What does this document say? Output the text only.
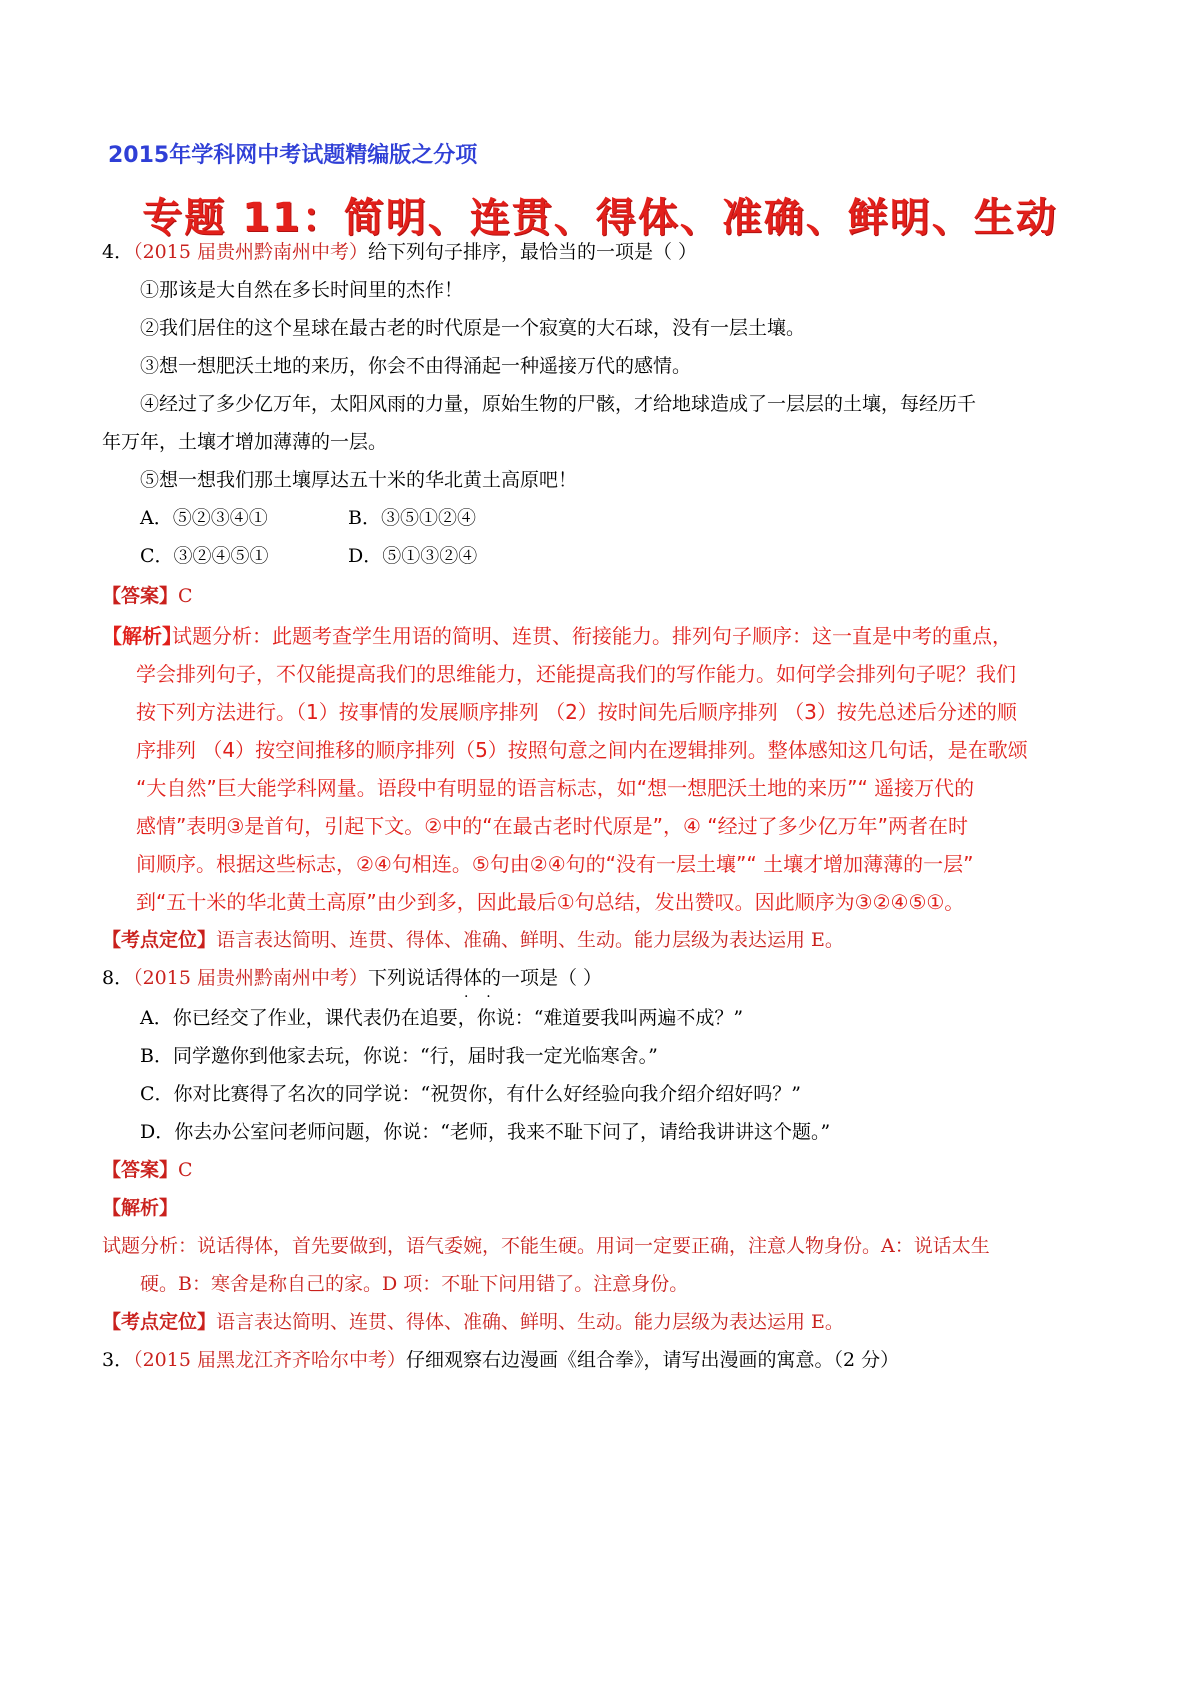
2015年学科网中考试题精编版之分项
专题 11：简明、连贯、得体、准确、鲜明、生动
4．（2015 届贵州黔南州中考）给下列句子排序，最恰当的一项是（ ）
①那该是大自然在多长时间里的杰作！
②我们居住的这个星球在最古老的时代原是一个寂寞的大石球，没有一层土壤。
③想一想肥沃土地的来历，你会不由得涌起一种遥接万代的感情。
④经过了多少亿万年，太阳风雨的力量，原始生物的尸骸，才给地球造成了一层层的土壤，每经历千
年万年，土壤才增加薄薄的一层。
⑤想一想我们那土壤厚达五十米的华北黄土高原吧！
A．⑤②③④①	B．③⑤①②④
C．③②④⑤①	D．⑤①③②④
【答案】C
【解析】
试题分析：此题考查学生用语的简明、连贯、衔接能力。排列句子顺序：这一直是中考的重点，
学会排列句子，不仅能提高我们的思维能力，还能提高我们的写作能力。如何学会排列句子呢？我们
按下列方法进行。（1）按事情的发展顺序排列 （2）按时间先后顺序排列 （3）按先总述后分述的顺
序排列 （4）按空间推移的顺序排列（5）按照句意之间内在逻辑排列。整体感知这几句话，是在歌颂
“大自然”巨大能学科网量。语段中有明显的语言标志，如“想一想肥沃土地的来历”“ 遥接万代的
感情”表明③是首句，引起下文。②中的“在最古老时代原是”，④ “经过了多少亿万年”两者在时
间顺序。根据这些标志，②④句相连。⑤句由②④句的“没有一层土壤”“ 土壤才增加薄薄的一层”
到“五十米的华北黄土高原”由少到多，因此最后①句总结，发出赞叹。因此顺序为③②④⑤①。
【考点定位】语言表达简明、连贯、得体、准确、鲜明、生动。能力层级为表达运用 E。
8．（2015 届贵州黔南州中考）下列说话得体的一项是（ ）
·    ·
A．你已经交了作业，课代表仍在追要，你说：“难道要我叫两遍不成？”
B．同学邀你到他家去玩，你说：“行，届时我一定光临寒舍。”
C．你对比赛得了名次的同学说：“祝贺你，有什么好经验向我介绍介绍好吗？”
D．你去办公室问老师问题，你说：“老师，我来不耻下问了，请给我讲讲这个题。”
【答案】C
【解析】
试题分析：说话得体，首先要做到，语气委婉，不能生硬。用词一定要正确，注意人物身份。A：说话太生
硬。B：寒舍是称自己的家。D 项：不耻下问用错了。注意身份。
【考点定位】语言表达简明、连贯、得体、准确、鲜明、生动。能力层级为表达运用 E。
3．（2015 届黑龙江齐齐哈尔中考）仔细观察右边漫画《组合拳》，请写出漫画的寓意。（2 分）
